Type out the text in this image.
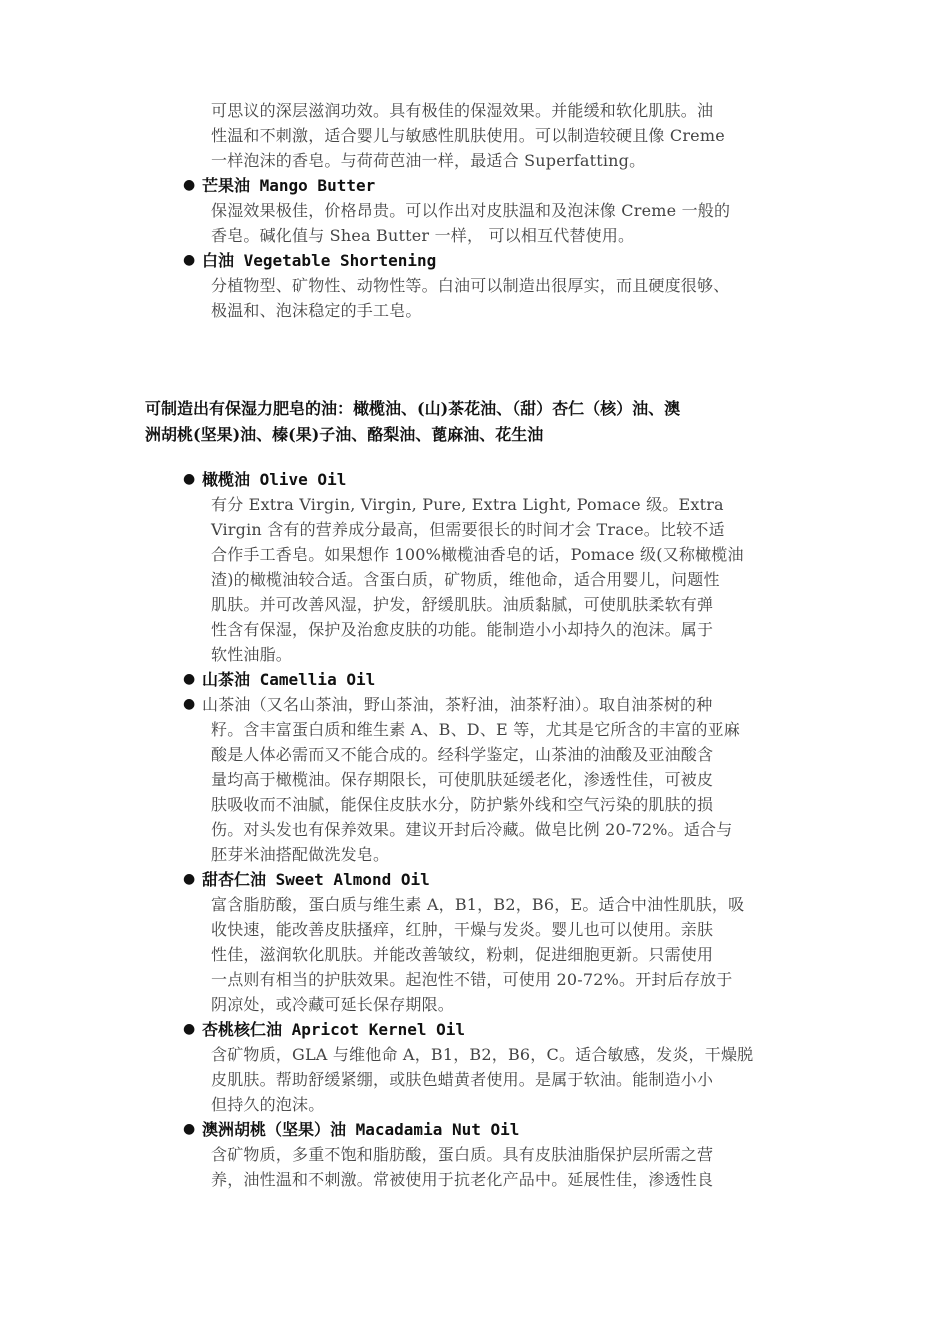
可思议的深层滋润功效。具有极佳的保湿效果。并能缓和软化肌肤。油
性温和不刺激，适合婴儿与敏感性肌肤使用。可以制造较硬且像 Creme
一样泡沫的香皂。与荷荷芭油一样，最适合 Superfatting。
● 芒果油 Mango Butter
保湿效果极佳，价格昂贵。可以作出对皮肤温和及泡沫像 Creme 一般的
香皂。碱化值与 Shea Butter 一样， 可以相互代替使用。
● 白油 Vegetable Shortening
分植物型、矿物性、动物性等。白油可以制造出很厚实，而且硬度很够、
极温和、泡沫稳定的手工皂。
可制造出有保湿力肥皂的油：橄榄油、(山)茶花油、（甜）杏仁（核）油、澳
洲胡桃(坚果)油、榛(果)子油、酪梨油、蓖麻油、花生油
● 橄榄油 Olive Oil
有分 Extra Virgin, Virgin, Pure, Extra Light, Pomace 级。Extra
Virgin 含有的营养成分最高，但需要很长的时间才会 Trace。比较不适
合作手工香皂。如果想作 100%橄榄油香皂的话，Pomace 级(又称橄榄油
渣)的橄榄油较合适。含蛋白质，矿物质，维他命，适合用婴儿，问题性
肌肤。并可改善风湿，护发，舒缓肌肤。油质黏腻，可使肌肤柔软有弹
性含有保湿，保护及治愈皮肤的功能。能制造小小却持久的泡沫。属于
软性油脂。
● 山茶油 Camellia Oil
● 山茶油（又名山茶油，野山茶油，茶籽油，油茶籽油）。取自油茶树的种
籽。含丰富蛋白质和维生素 A、B、D、E 等，尤其是它所含的丰富的亚麻
酸是人体必需而又不能合成的。经科学鉴定，山茶油的油酸及亚油酸含
量均高于橄榄油。保存期限长，可使肌肤延缓老化，渗透性佳，可被皮
肤吸收而不油腻，能保住皮肤水分，防护紫外线和空气污染的肌肤的损
伤。对头发也有保养效果。建议开封后冷藏。做皂比例 20-72%。适合与
胚芽米油搭配做洗发皂。
● 甜杏仁油 Sweet Almond Oil
富含脂肪酸，蛋白质与维生素 A，B1，B2，B6，E。适合中油性肌肤，吸
收快速，能改善皮肤搔痒，红肿，干燥与发炎。婴儿也可以使用。亲肤
性佳，滋润软化肌肤。并能改善皱纹，粉刺，促进细胞更新。只需使用
一点则有相当的护肤效果。起泡性不错，可使用 20-72%。开封后存放于
阴凉处，或冷藏可延长保存期限。
● 杏桃核仁油 Apricot Kernel Oil
含矿物质，GLA 与维他命 A，B1，B2，B6，C。适合敏感，发炎，干燥脱
皮肌肤。帮助舒缓紧绷，或肤色蜡黄者使用。是属于软油。能制造小小
但持久的泡沫。
● 澳洲胡桃（坚果）油 Macadamia Nut Oil
含矿物质，多重不饱和脂肪酸，蛋白质。具有皮肤油脂保护层所需之营
养，油性温和不刺激。常被使用于抗老化产品中。延展性佳，渗透性良
